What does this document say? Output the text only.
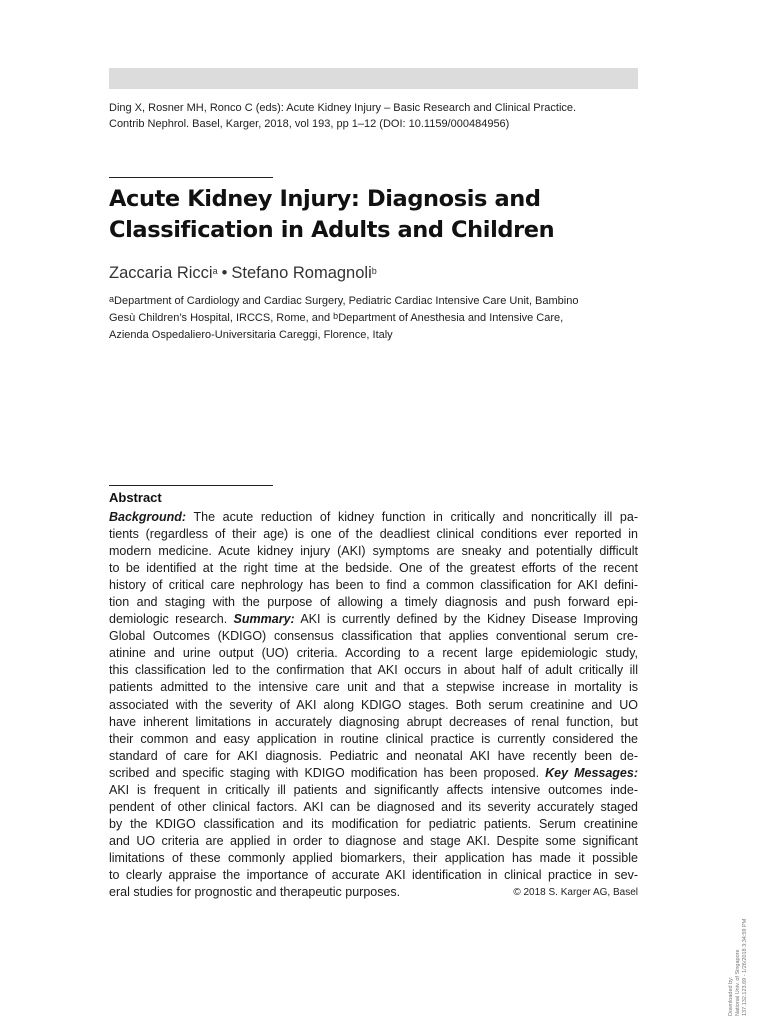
Ding X, Rosner MH, Ronco C (eds): Acute Kidney Injury – Basic Research and Clinical Practice.
Contrib Nephrol. Basel, Karger, 2018, vol 193, pp 1–12 (DOI: 10.1159/000484956)
Acute Kidney Injury: Diagnosis and
Classification in Adults and Children
Zaccaria Ricci$^a$ • Stefano Romagnoli$^b$
$^a$Department of Cardiology and Cardiac Surgery, Pediatric Cardiac Intensive Care Unit, Bambino
Gesù Children’s Hospital, IRCCS, Rome, and $^b$Department of Anesthesia and Intensive Care,
Azienda Ospedaliero-Universitaria Careggi, Florence, Italy
Abstract
Background: The acute reduction of kidney function in critically and noncritically ill pa-
tients (regardless of their age) is one of the deadliest clinical conditions ever reported in
modern medicine. Acute kidney injury (AKI) symptoms are sneaky and potentially difficult
to be identified at the right time at the bedside. One of the greatest efforts of the recent
history of critical care nephrology has been to find a common classification for AKI defini-
tion and staging with the purpose of allowing a timely diagnosis and push forward epi-
demiologic research. Summary: AKI is currently defined by the Kidney Disease Improving
Global Outcomes (KDIGO) consensus classification that applies conventional serum cre-
atinine and urine output (UO) criteria. According to a recent large epidemiologic study,
this classification led to the confirmation that AKI occurs in about half of adult critically ill
patients admitted to the intensive care unit and that a stepwise increase in mortality is
associated with the severity of AKI along KDIGO stages. Both serum creatinine and UO
have inherent limitations in accurately diagnosing abrupt decreases of renal function, but
their common and easy application in routine clinical practice is currently considered the
standard of care for AKI diagnosis. Pediatric and neonatal AKI have recently been de-
scribed and specific staging with KDIGO modification has been proposed. Key Messages:
AKI is frequent in critically ill patients and significantly affects intensive outcomes inde-
pendent of other clinical factors. AKI can be diagnosed and its severity accurately staged
by the KDIGO classification and its modification for pediatric patients. Serum creatinine
and UO criteria are applied in order to diagnose and stage AKI. Despite some significant
limitations of these commonly applied biomarkers, their application has made it possible
to clearly appraise the importance of accurate AKI identification in clinical practice in sev-
eral studies for prognostic and therapeutic purposes.	© 2018 S. Karger AG, Basel
Downloaded by: National Univ. of Singapore 137.132.123.69 - 1/26/2018 3:34:59 PM
